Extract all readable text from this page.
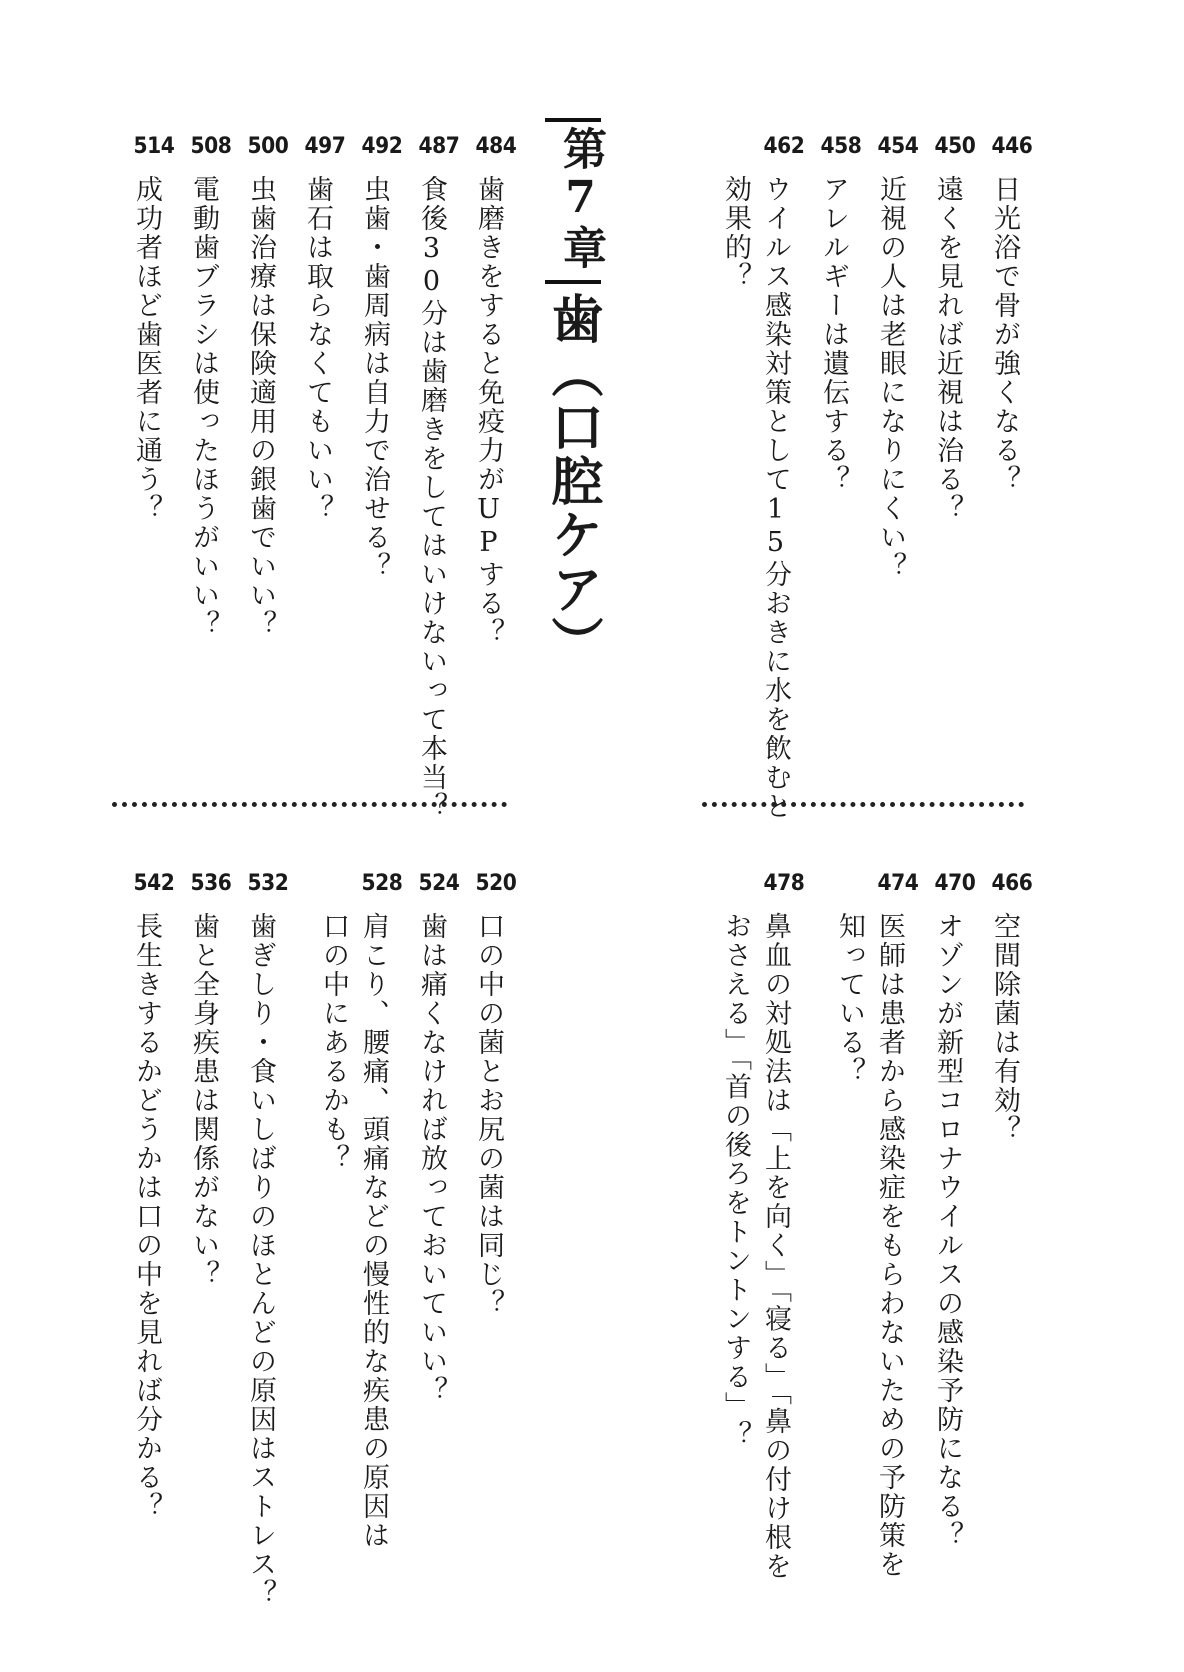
446
日光浴で骨が強くなる？
450
遠くを見れば近視は治る？
454
近視の人は老眼になりにくい？
458
アレルギーは遺伝する？
462
ウイルス感染対策として15分おきに水を飲むと
効果的？
第7章
歯（口腔ケア）
484
歯磨きをすると免疫力がUPする？
487
食後30分は歯磨きをしてはいけないって本当？
492
虫歯・歯周病は自力で治せる？
497
歯石は取らなくてもいい？
500
虫歯治療は保険適用の銀歯でいい？
508
電動歯ブラシは使ったほうがいい？
514
成功者ほど歯医者に通う？
466
空間除菌は有効？
470
オゾンが新型コロナウイルスの感染予防になる？
474
医師は患者から感染症をもらわないための予防策を
知っている？
478
鼻血の対処法は「上を向く」「寝る」「鼻の付け根を
おさえる」「首の後ろをトントンする」？
520
口の中の菌とお尻の菌は同じ？
524
歯は痛くなければ放っておいていい？
528
肩こり、腰痛、頭痛などの慢性的な疾患の原因は
口の中にあるかも？
532
歯ぎしり・食いしばりのほとんどの原因はストレス？
536
歯と全身疾患は関係がない？
542
長生きするかどうかは口の中を見れば分かる？
